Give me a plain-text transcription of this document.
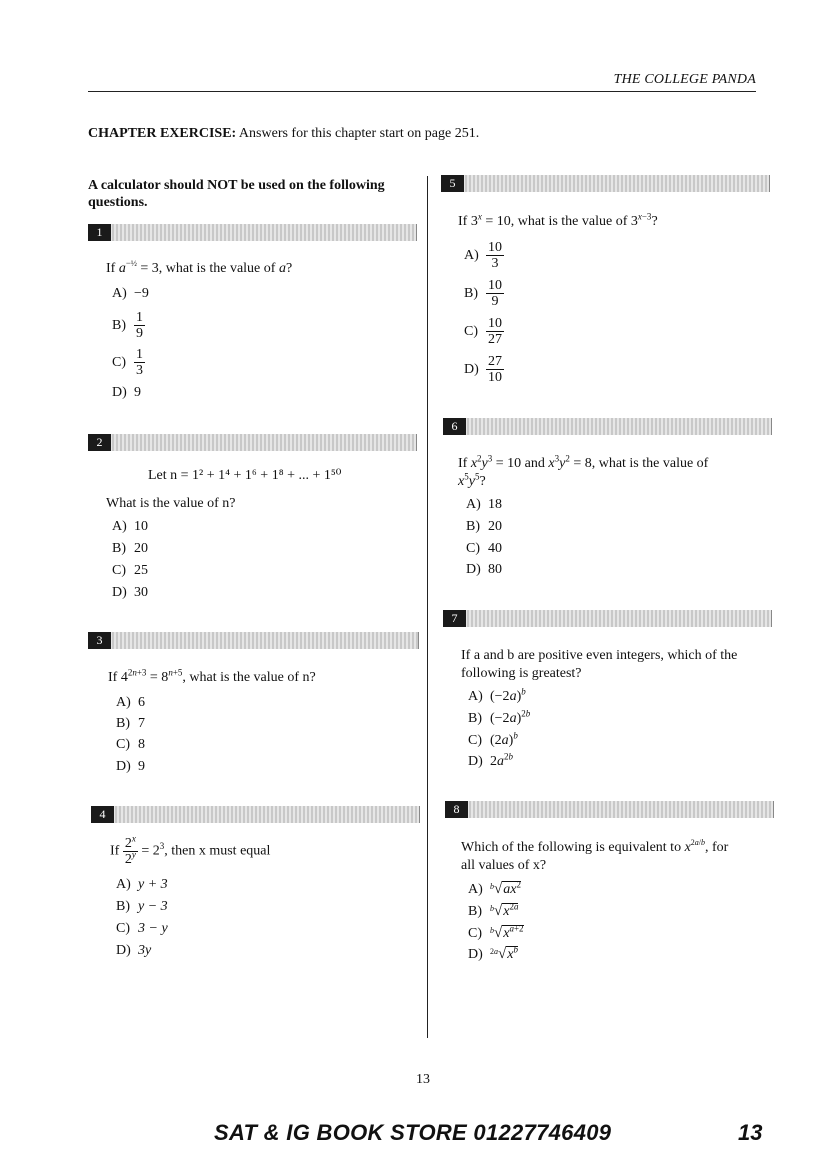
THE COLLEGE PANDA
CHAPTER EXERCISE: Answers for this chapter start on page 251.
A calculator should NOT be used on the following questions.
1
If $a^{-\frac{1}{2}} = 3$, what is the value of a?
A) −9
$B) \frac{1}{9}$
$C) \frac{1}{3}$
D) 9
2
Let n = 1² + 1⁴ + 1⁶ + 1⁸ + ... + 1⁵⁰
What is the value of n?
A) 10
B) 20
C) 25
D) 30
3
If $4^{2n+3} = 8^{n+5}$, what is the value of n?
A) 6
B) 7
C) 8
D) 9
4
If $\frac{2^x}{2^y} = 2^3$, then x must equal
A) y + 3
B) y − 3
C) 3 − y
D) 3y
5
If $3^x = 10$, what is the value of $3^{x-3}$?
$A) \frac{10}{3}$
$B) \frac{10}{9}$
$C) \frac{10}{27}$
$D) \frac{27}{10}$
6
If $x^2y^3 = 10$ and $x^3y^2 = 8$, what is the value of
$x^5y^5$?
A) 18
B) 20
C) 40
D) 80
7
If a and b are positive even integers, which of the
following is greatest?
A) $(-2a)^b$
B) $(-2a)^{2b}$
C) $(2a)^b$
D) $2a^{2b}$
8
Which of the following is equivalent to $x^{2a/b}$, for
all values of x?
A) $^b√ax^2$
B) $^b√x^{2a}$
C) $^b√x^{a+2}$
D) $^{2a}√x^b$
13
SAT & IG BOOK STORE 01227746409	13
